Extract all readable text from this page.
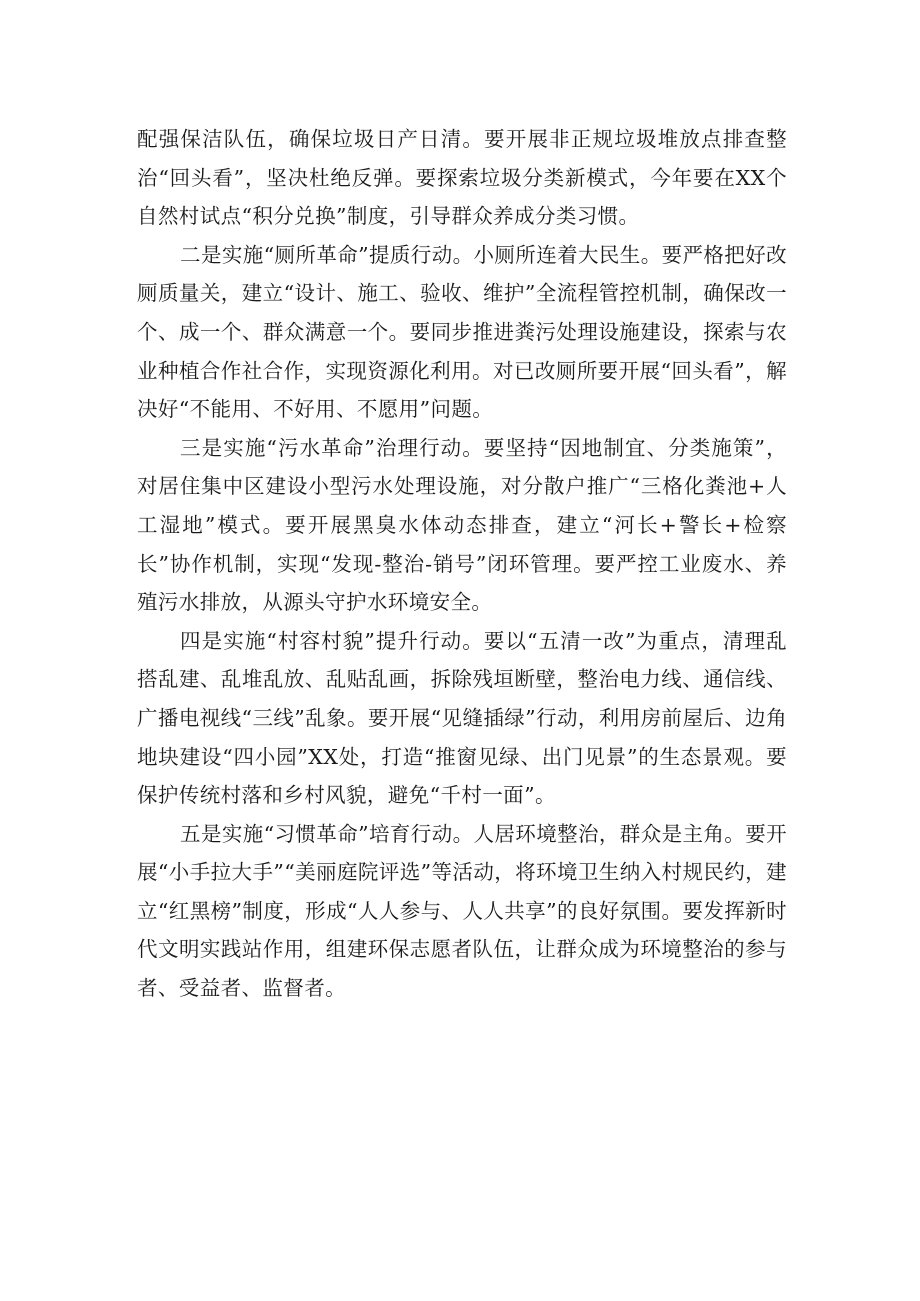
配强保洁队伍，确保垃圾日产日清。要开展非正规垃圾堆放点排查整治“回头看”，坚决杜绝反弹。要探索垃圾分类新模式，今年要在XX个自然村试点“积分兑换”制度，引导群众养成分类习惯。

二是实施“厕所革命”提质行动。小厕所连着大民生。要严格把好改厕质量关，建立“设计、施工、验收、维护”全流程管控机制，确保改一个、成一个、群众满意一个。要同步推进粪污处理设施建设，探索与农业种植合作社合作，实现资源化利用。对已改厕所要开展“回头看”，解决好“不能用、不好用、不愿用”问题。

三是实施“污水革命”治理行动。要坚持“因地制宜、分类施策”，对居住集中区建设小型污水处理设施，对分散户推广“三格化粪池+人工湿地”模式。要开展黑臭水体动态排查，建立“河长+警长+检察长”协作机制，实现“发现-整治-销号”闭环管理。要严控工业废水、养殖污水排放，从源头守护水环境安全。

四是实施“村容村貌”提升行动。要以“五清一改”为重点，清理乱搭乱建、乱堆乱放、乱贴乱画，拆除残垣断壁，整治电力线、通信线、广播电视线“三线”乱象。要开展“见缝插绿”行动，利用房前屋后、边角地块建设“四小园”XX处，打造“推窗见绿、出门见景”的生态景观。要保护传统村落和乡村风貌，避免“千村一面”。

五是实施“习惯革命”培育行动。人居环境整治，群众是主角。要开展“小手拉大手”“美丽庭院评选”等活动，将环境卫生纳入村规民约，建立“红黑榜”制度，形成“人人参与、人人共享”的良好氛围。要发挥新时代文明实践站作用，组建环保志愿者队伍，让群众成为环境整治的参与者、受益者、监督者。
